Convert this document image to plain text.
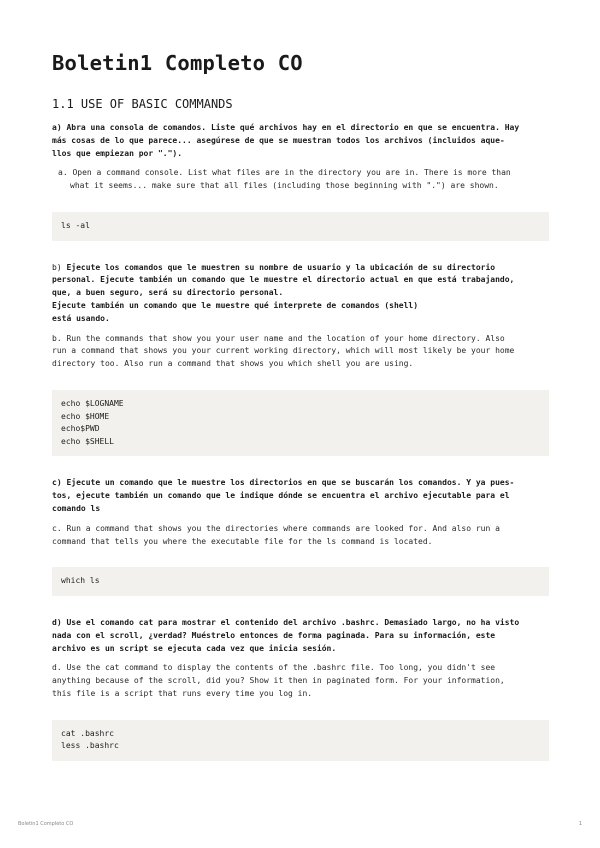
Boletin1 Completo CO
1.1 USE OF BASIC COMMANDS

a) Abra una consola de comandos. Liste qué archivos hay en el directorio en que se encuentra. Hay
más cosas de lo que parece... asegúrese de que se muestran todos los archivos (incluidos aque-
llos que empiezan por ".").

a. Open a command console. List what files are in the directory you are in. There is more than
what it seems... make sure that all files (including those beginning with ".") are shown.

ls -al

b) Ejecute los comandos que le muestren su nombre de usuario y la ubicación de su directorio
personal. Ejecute también un comando que le muestre el directorio actual en que está trabajando,
que, a buen seguro, será su directorio personal.
Ejecute también un comando que le muestre qué interprete de comandos (shell)
está usando.

b. Run the commands that show you your user name and the location of your home directory. Also
run a command that shows you your current working directory, which will most likely be your home
directory too. Also run a command that shows you which shell you are using.

echo $LOGNAME
echo $HOME
echo$PWD
echo $SHELL

c) Ejecute un comando que le muestre los directorios en que se buscarán los comandos. Y ya pues-
tos, ejecute también un comando que le indique dónde se encuentra el archivo ejecutable para el
comando ls

c. Run a command that shows you the directories where commands are looked for. And also run a
command that tells you where the executable file for the ls command is located.

which ls

d) Use el comando cat para mostrar el contenido del archivo .bashrc. Demasiado largo, no ha visto
nada con el scroll, ¿verdad? Muéstrelo entonces de forma paginada. Para su información, este
archivo es un script se ejecuta cada vez que inicia sesión.

d. Use the cat command to display the contents of the .bashrc file. Too long, you didn't see
anything because of the scroll, did you? Show it then in paginated form. For your information,
this file is a script that runs every time you log in.

cat .bashrc
less .bashrc
Boletin1 Completo CO	1
